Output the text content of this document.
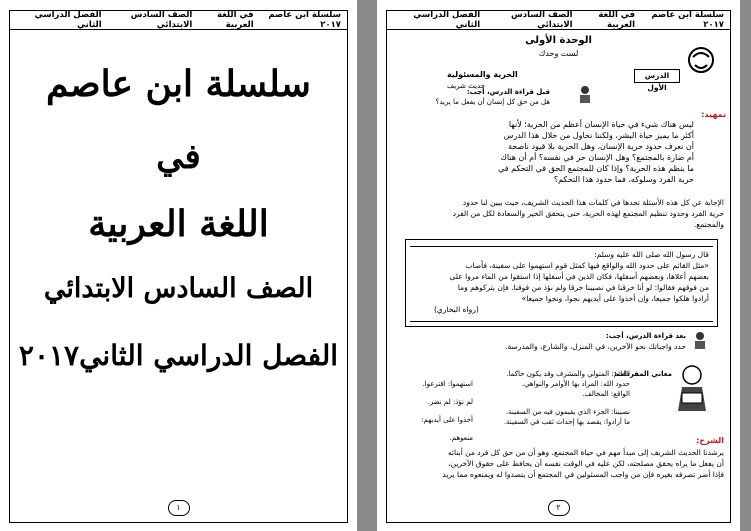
سلسلة ابن عاصم ٢٠١٧
في اللغة العربية
الصف السادس الابتدائي
الفصل الدراسي الثاني
سلسلة ابن عاصم
في
اللغة العربية
الصف السادس الابتدائي
الفصل الدراسي الثاني٢٠١٧
١
سلسلة ابن عاصم ٢٠١٧
في اللغة العربية
الصف السادس الابتدائي
الفصل الدراسي الثاني
الوحدة الأولى
لست وحدك
الدرس الأول
الحرية والمسئولية
حديث شريف
قبل قراءة الدرس، أجب:
هل من حق كل إنسان أن يفعل ما يريد؟
تمهيد:
ليس هناك شيء في حياة الإنسان أعظم من الحرية؛ لأنها
أكثر ما يميز حياة البشر، ولكننا نحاول من خلال هذا الدرس
أن نعرف حدود حرية الإنسان، وهل الحرية بلا قيود ناصحة
أم ضارة بالمجتمع؟ وهل الإنسان حر في نفسه؟ أم أن هناك
ما ينظم هذه الحرية؟ وإذا كان للمجتمع الحق في التحكم في
حرية الفرد وسلوكه، فما حدود هذا التحكم؟
الإجابة عن كل هذه الأسئلة تجدها في كلمات هذا الحديث الشريف، حيث يبين لنا حدود
حرية الفرد وحدود تنظيم المجتمع لهذه الحرية، حتى يتحقق الخير والسعادة لكل من الفرد
والمجتمع.
قال رسول الله صلى الله عليه وسلم:
«مثل القائم على حدود الله والواقع فيها كمثل قوم استهموا على سفينة، فأصاب
بعضهم أعلاها، وبعضهم أسفلها، فكان الذين في أسفلها إذا استقوا من الماء مروا على
من فوقهم فقالوا: لو أنا خرقنا في نصيبنا خرقا ولم نؤذ من فوقنا. فإن يتركوهم وما
أرادوا هلكوا جميعا، وإن أخذوا على أيديهم نجوا، ونجوا جميعا»
(رواه البخاري)
بعد قراءة الدرس، أجب:
حدد واجباتك نحو الآخرين، في المنزل، والشارع، والمدرسة.
معاني المفردات:
القائم: المتولي والمشرف وقد يكون حاكما.
حدود الله: المراد بها الأوامر والنواهي.
الواقع: المخالف.
نصيبنا: الجزء الذي يقيمون فيه من السفينة.
ما أرادوا: يقصد بها إحداث ثقب في السفينة.
استهموا: اقترعوا.
لم نؤذ: لم نضر.
أخذوا على أيديهم: منعوهم.	الشرح:
يرشدنا الحديث الشريف إلى مبدأ مهم في حياة المجتمع، وهو أن من حق كل فرد من أبنائه
أن يفعل ما يراه يحقق مصلحته، لكن عليه في الوقت نفسه أن يحافظ على حقوق الآخرين،
فإذا أضر تصرفه بغيره فإن من واجب المسئولين في المجتمع أن يتصدوا له ويمنعوه مما يريد
٢
